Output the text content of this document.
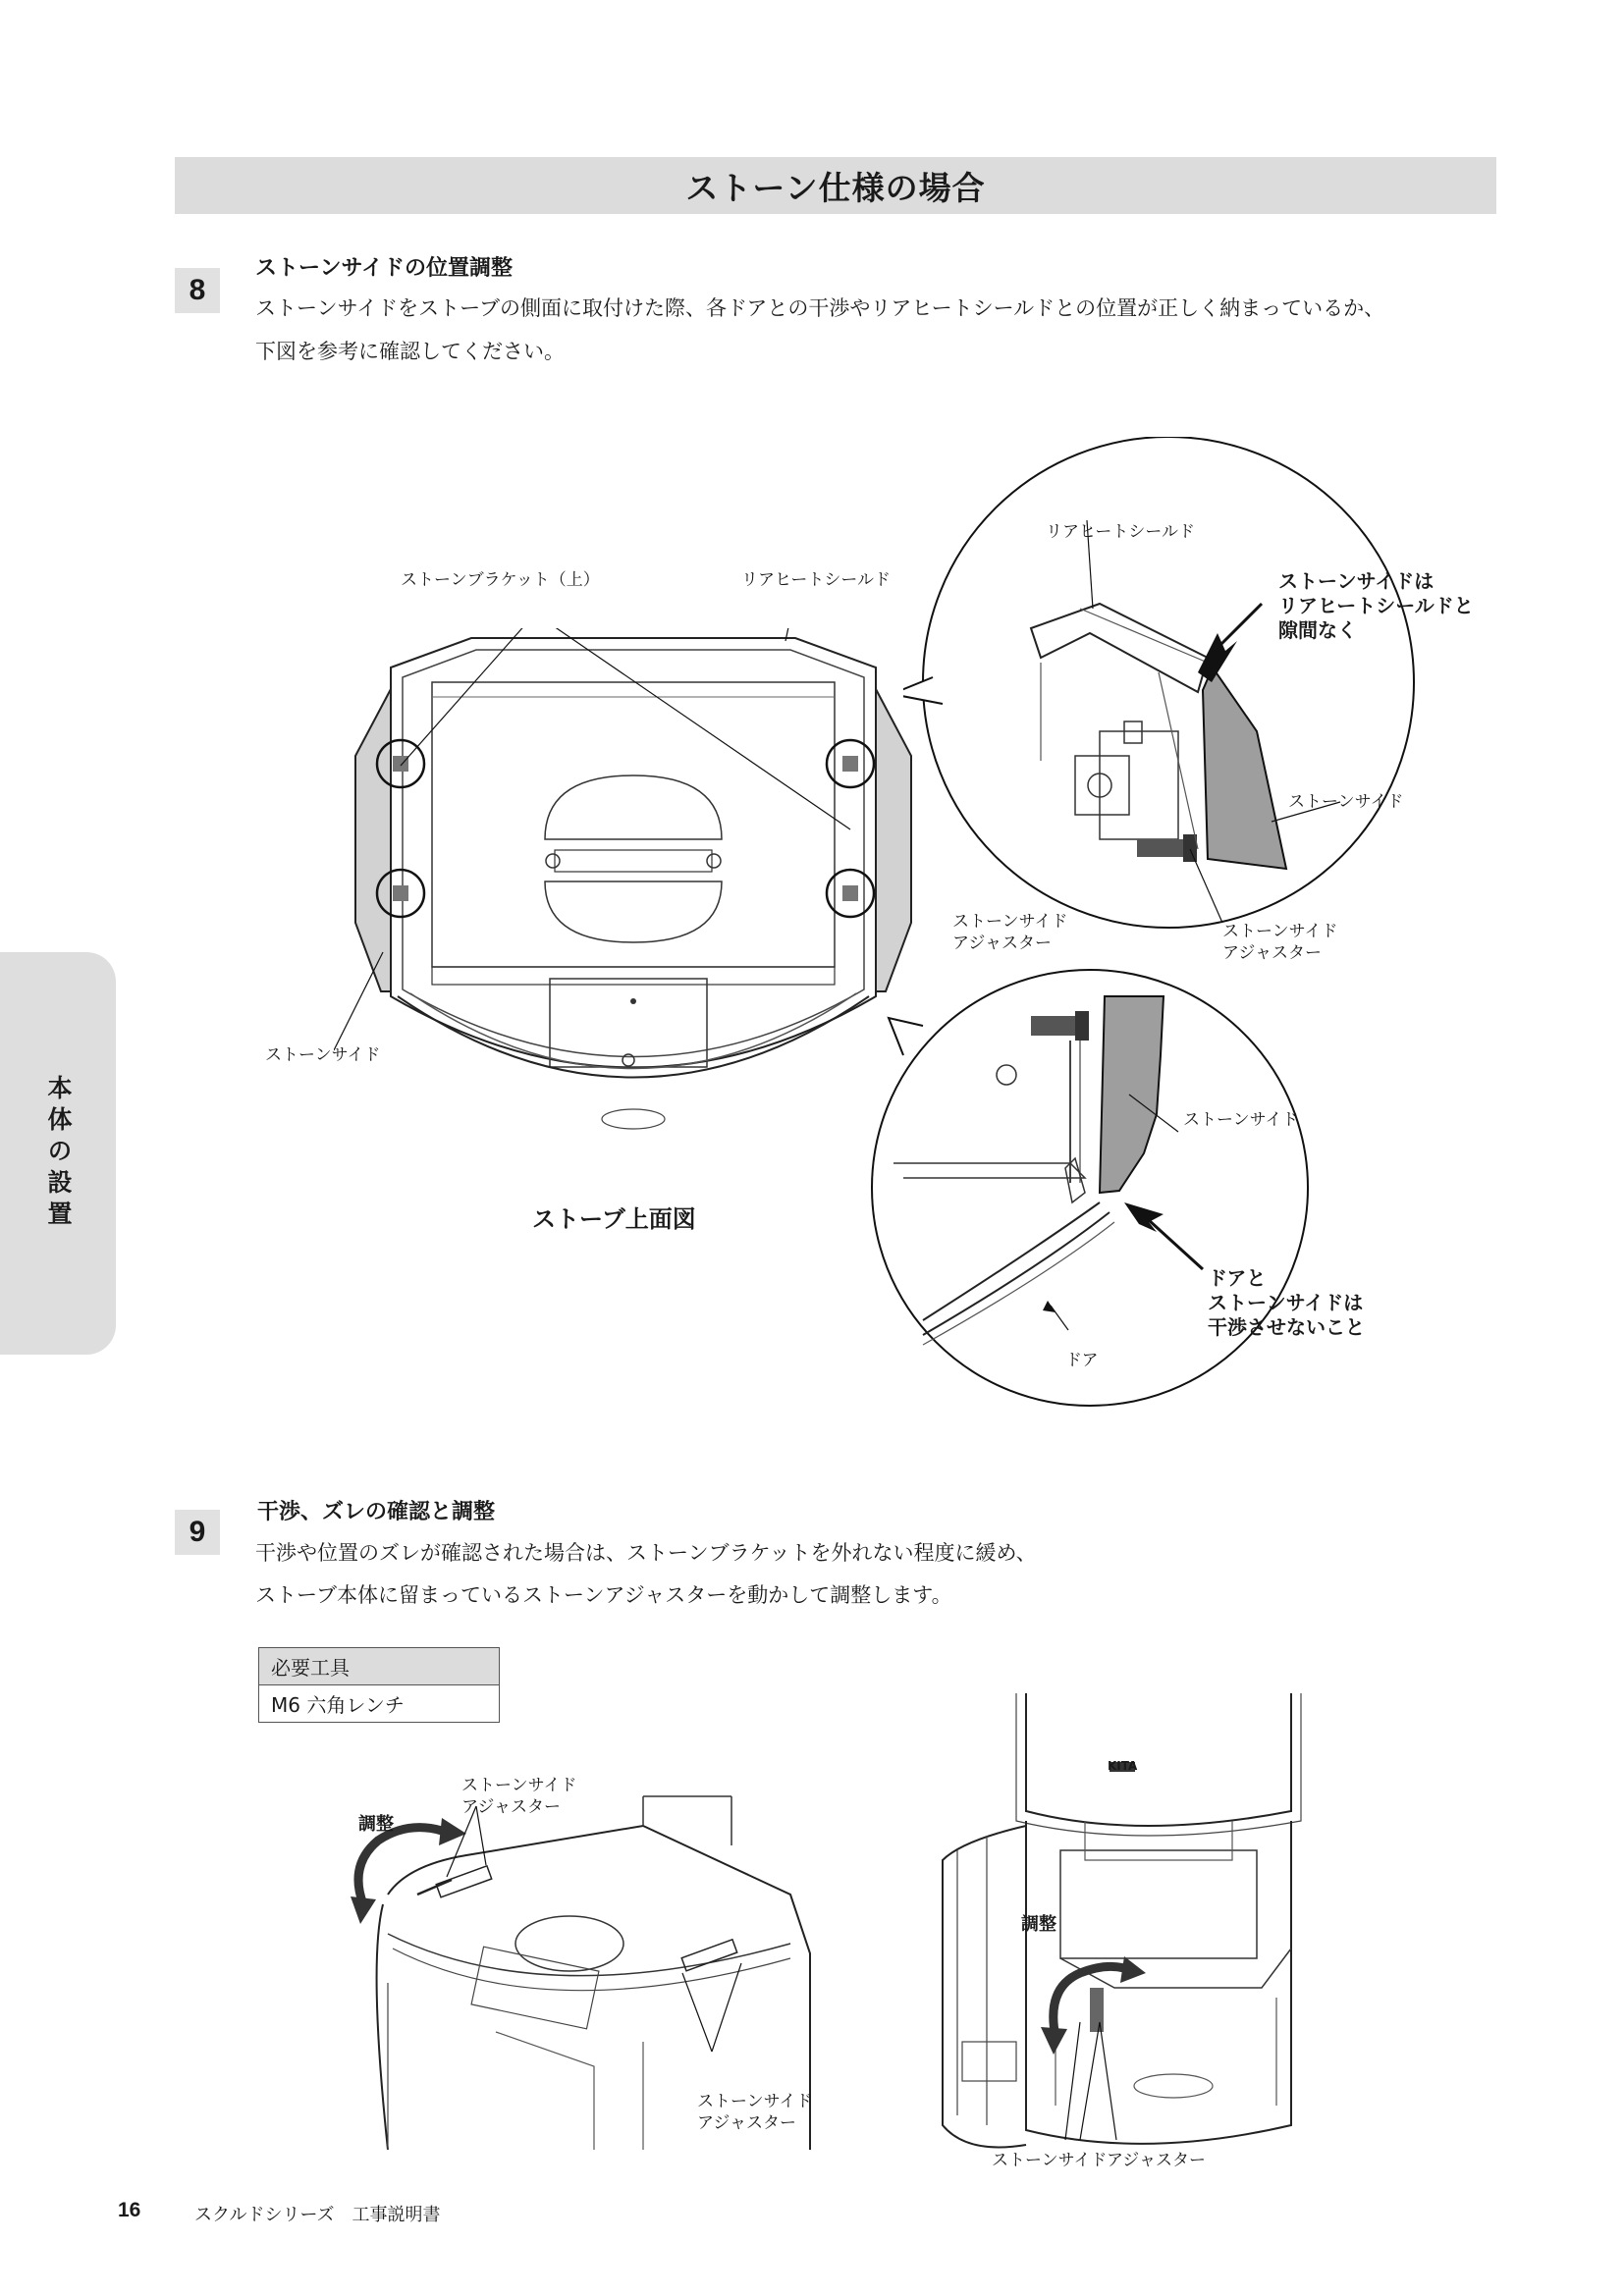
ストーン仕様の場合
本体の設置
8
ストーンサイドの位置調整
ストーンサイドをストーブの側面に取付けた際、各ドアとの干渉やリアヒートシールドとの位置が正しく納まっているか、
下図を参考に確認してください。
ストーンブラケット（上）	リアヒートシールド
ストーンサイド
ストーブ上面図
リアヒートシールド
ストーンサイドは
リアヒートシールドと
隙間なく
ストーンサイド
ストーンサイド
アジャスター
ストーンサイド
アジャスター
ストーンサイド
ドアと
ストーンサイドは
干渉させないこと
ドア
9
干渉、ズレの確認と調整
干渉や位置のズレが確認された場合は、ストーンブラケットを外れない程度に緩め、
ストーブ本体に留まっているストーンアジャスターを動かして調整します。
必要工具
M6 六角レンチ
調整
ストーンサイド
アジャスター
ストーンサイド
アジャスター
KITA
調整
ストーンサイドアジャスター
16	スクルドシリーズ　工事説明書
